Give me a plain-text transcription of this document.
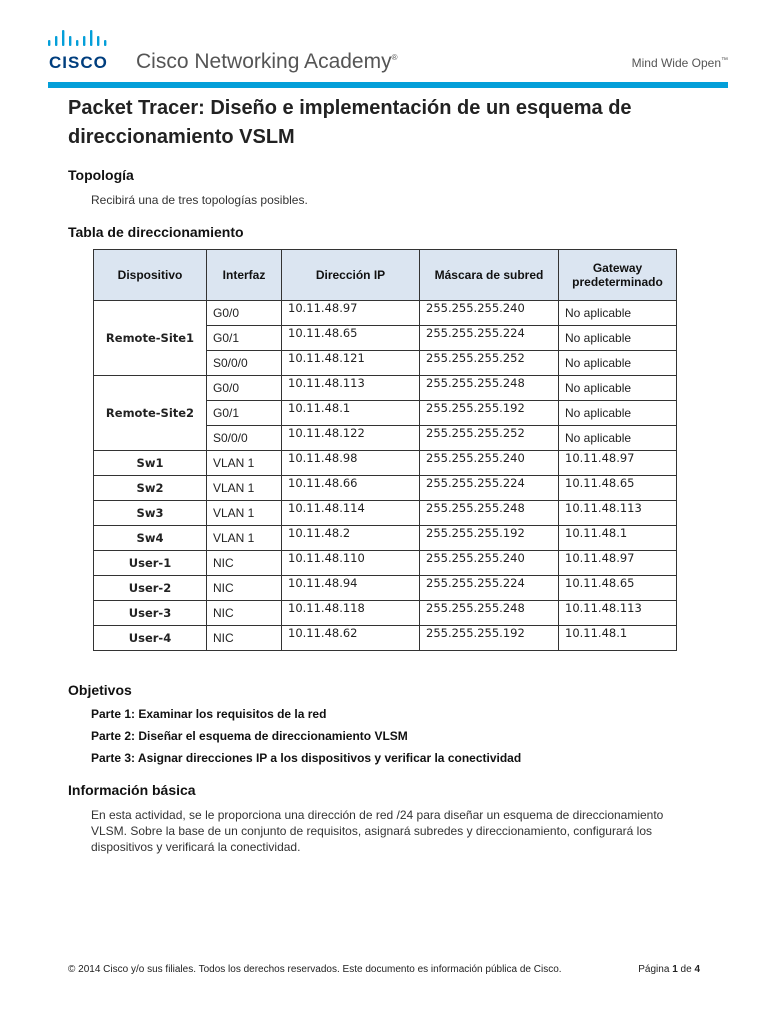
CISCO Cisco Networking Academy®	Mind Wide Open™
Packet Tracer: Diseño e implementación de un esquema de direccionamiento VSLM
Topología

Recibirá una de tres topologías posibles.

Tabla de direccionamiento
Dispositivo	Interfaz	Dirección IP	Máscara de subred	Gateway predeterminado
Remote-Site1	G0/0	10.11.48.97	255.255.255.240	No aplicable
	G0/1	10.11.48.65	255.255.255.224	No aplicable
	S0/0/0	10.11.48.121	255.255.255.252	No aplicable
Remote-Site2	G0/0	10.11.48.113	255.255.255.248	No aplicable
	G0/1	10.11.48.1	255.255.255.192	No aplicable
	S0/0/0	10.11.48.122	255.255.255.252	No aplicable
Sw1	VLAN 1	10.11.48.98	255.255.255.240	10.11.48.97
Sw2	VLAN 1	10.11.48.66	255.255.255.224	10.11.48.65
Sw3	VLAN 1	10.11.48.114	255.255.255.248	10.11.48.113
Sw4	VLAN 1	10.11.48.2	255.255.255.192	10.11.48.1
User-1	NIC	10.11.48.110	255.255.255.240	10.11.48.97
User-2	NIC	10.11.48.94	255.255.255.224	10.11.48.65
User-3	NIC	10.11.48.118	255.255.255.248	10.11.48.113
User-4	NIC	10.11.48.62	255.255.255.192	10.11.48.1
Objetivos
Parte 1: Examinar los requisitos de la red
Parte 2: Diseñar el esquema de direccionamiento VLSM
Parte 3: Asignar direcciones IP a los dispositivos y verificar la conectividad
Información básica

En esta actividad, se le proporciona una dirección de red /24 para diseñar un esquema de direccionamiento

VLSM. Sobre la base de un conjunto de requisitos, asignará subredes y direccionamiento, configurará los

dispositivos y verificará la conectividad.

© 2014 Cisco y/o sus filiales. Todos los derechos reservados. Este documento es información pública de Cisco.	Página 1 de 4
